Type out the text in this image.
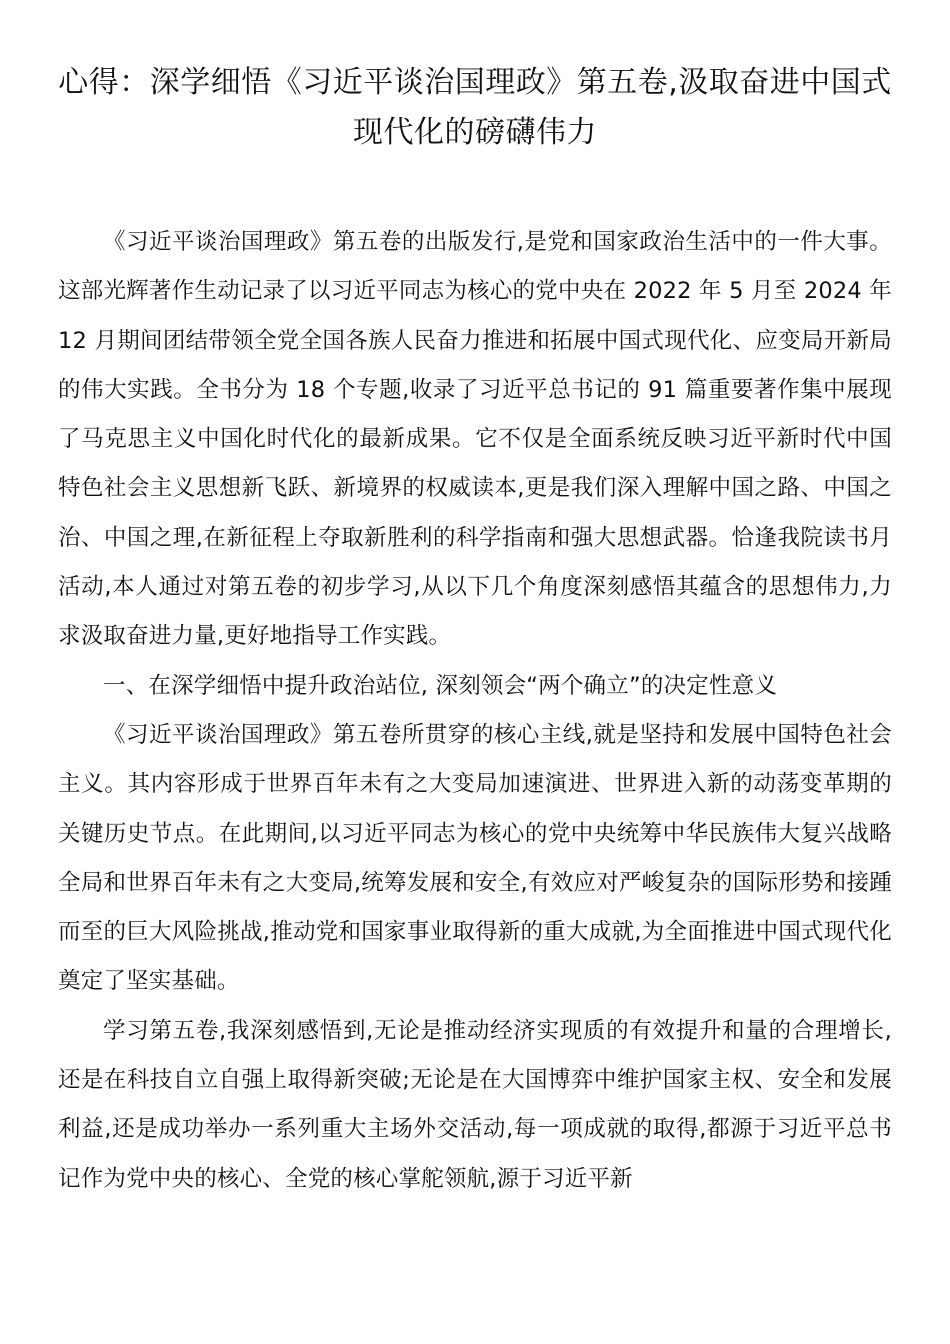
心得：深学细悟《习近平谈治国理政》第五卷,汲取奋进中国式现代化的磅礴伟力

《习近平谈治国理政》第五卷的出版发行,是党和国家政治生活中的一件大事。这部光辉著作生动记录了以习近平同志为核心的党中央在 2022 年 5 月至 2024 年 12 月期间团结带领全党全国各族人民奋力推进和拓展中国式现代化、应变局开新局的伟大实践。全书分为 18 个专题,收录了习近平总书记的 91 篇重要著作集中展现了马克思主义中国化时代化的最新成果。它不仅是全面系统反映习近平新时代中国特色社会主义思想新飞跃、新境界的权威读本,更是我们深入理解中国之路、中国之治、中国之理,在新征程上夺取新胜利的科学指南和强大思想武器。恰逢我院读书月活动,本人通过对第五卷的初步学习,从以下几个角度深刻感悟其蕴含的思想伟力,力求汲取奋进力量,更好地指导工作实践。

一、在深学细悟中提升政治站位, 深刻领会“两个确立”的决定性意义

《习近平谈治国理政》第五卷所贯穿的核心主线,就是坚持和发展中国特色社会主义。其内容形成于世界百年未有之大变局加速演进、世界进入新的动荡变革期的关键历史节点。在此期间,以习近平同志为核心的党中央统筹中华民族伟大复兴战略全局和世界百年未有之大变局,统筹发展和安全,有效应对严峻复杂的国际形势和接踵而至的巨大风险挑战,推动党和国家事业取得新的重大成就,为全面推进中国式现代化奠定了坚实基础。

学习第五卷,我深刻感悟到,无论是推动经济实现质的有效提升和量的合理增长,还是在科技自立自强上取得新突破;无论是在大国博弈中维护国家主权、安全和发展利益,还是成功举办一系列重大主场外交活动,每一项成就的取得,都源于习近平总书记作为党中央的核心、全党的核心掌舵领航,源于习近平新
